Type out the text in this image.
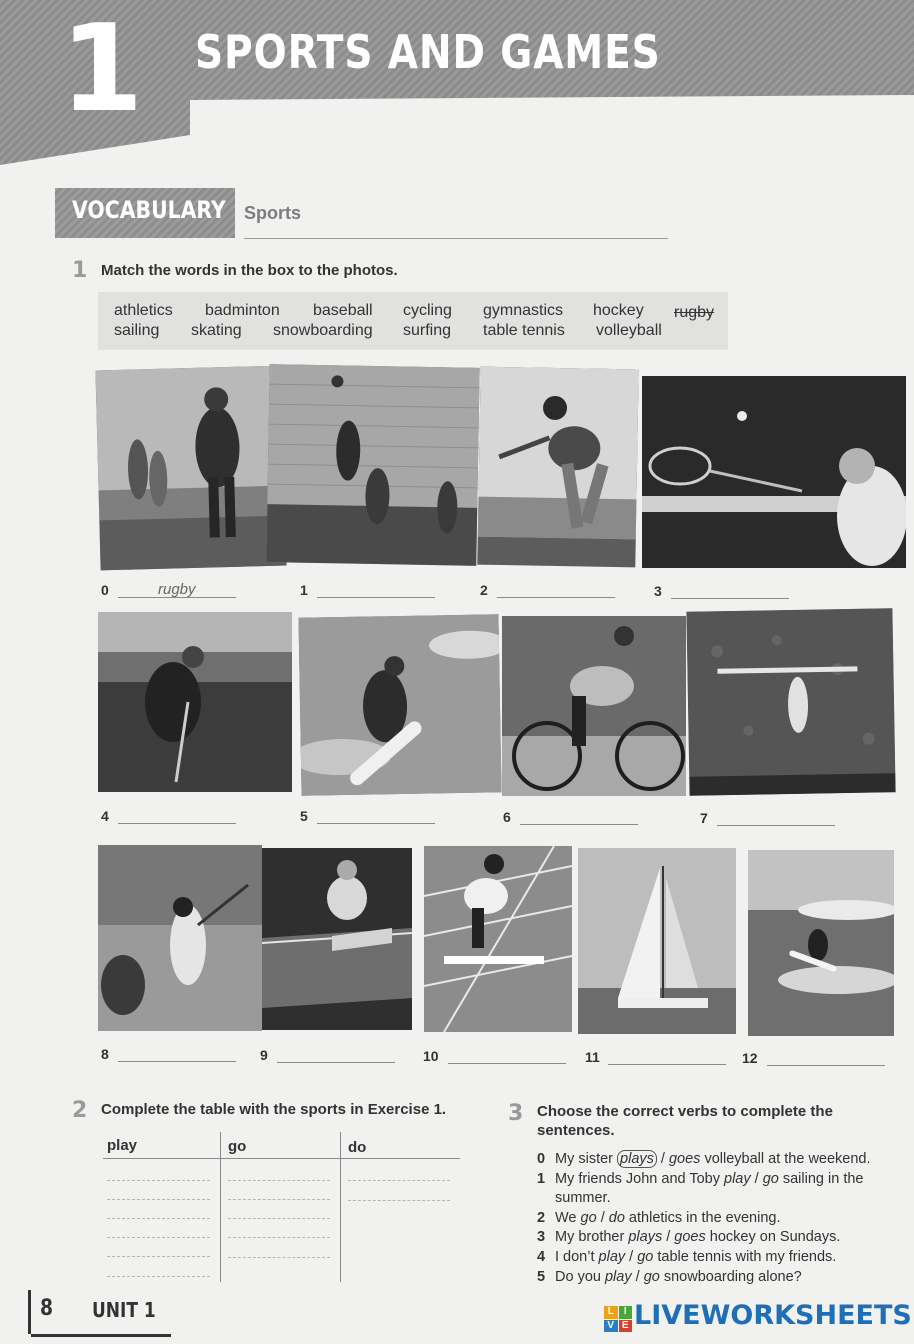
1 SPORTS AND GAMES
VOCABULARY Sports
1 Match the words in the box to the photos.
athletics badminton baseball cycling gymnastics hockey rugby
sailing skating snowboarding surfing table tennis volleyball
0	rugby	1	2	3
4	5	6	7
8	9	10	11	12
2 Complete the table with the sports in Exercise 1.
play	go	do
3 Choose the correct verbs to complete the
sentences.
0 My sister plays / goes volleyball at the weekend.
1 My friends John and Toby play / go sailing in the
summer.
2 We go / do athletics in the evening.
3 My brother plays / goes hockey on Sundays.
4 I don’t play / go table tennis with my friends.
5 Do you play / go snowboarding alone?
8 UNIT 1	L	I
V E LIVEWORKSHEETS
